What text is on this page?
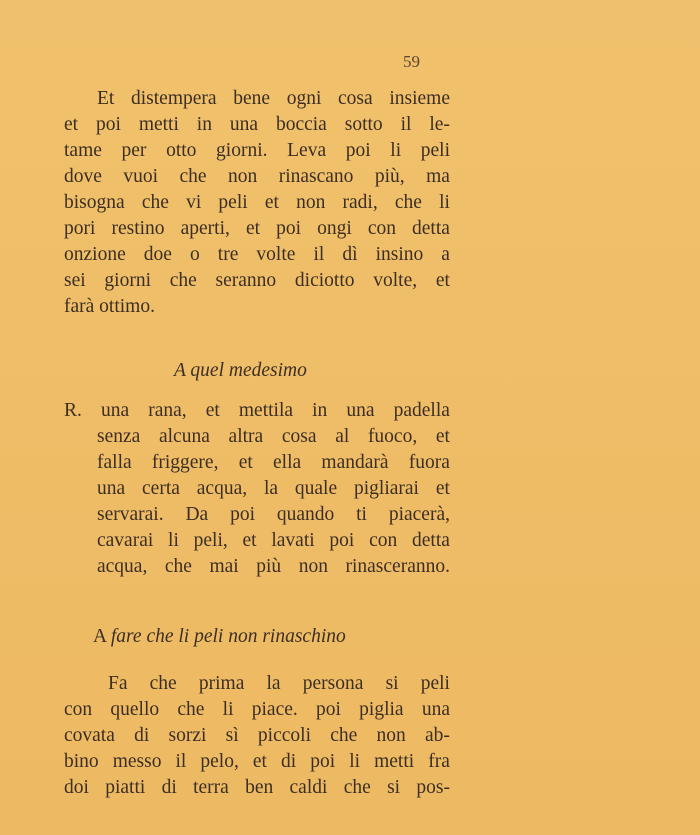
59
Et distempera bene ogni cosa insieme
et poi metti in una boccia sotto il le-
tame per otto giorni. Leva poi li peli
dove vuoi che non rinascano più, ma
bisogna che vi peli et non radi, che li
pori restino aperti, et poi ongi con detta
onzione doe o tre volte il dì insino a
sei giorni che seranno diciotto volte, et
farà ottimo.
A quel medesimo
R. una rana, et mettila in una padella
senza alcuna altra cosa al fuoco, et
falla friggere, et ella mandarà fuora
una certa acqua, la quale pigliarai et
servarai. Da poi quando ti piacerà,
cavarai li peli, et lavati poi con detta
acqua, che mai più non rinasceranno.
A fare che li peli non rinaschino
Fa che prima la persona si peli
con quello che li piace. poi piglia una
covata di sorzi sì piccoli che non ab-
bino messo il pelo, et di poi li metti fra
doi piatti di terra ben caldi che si pos-
